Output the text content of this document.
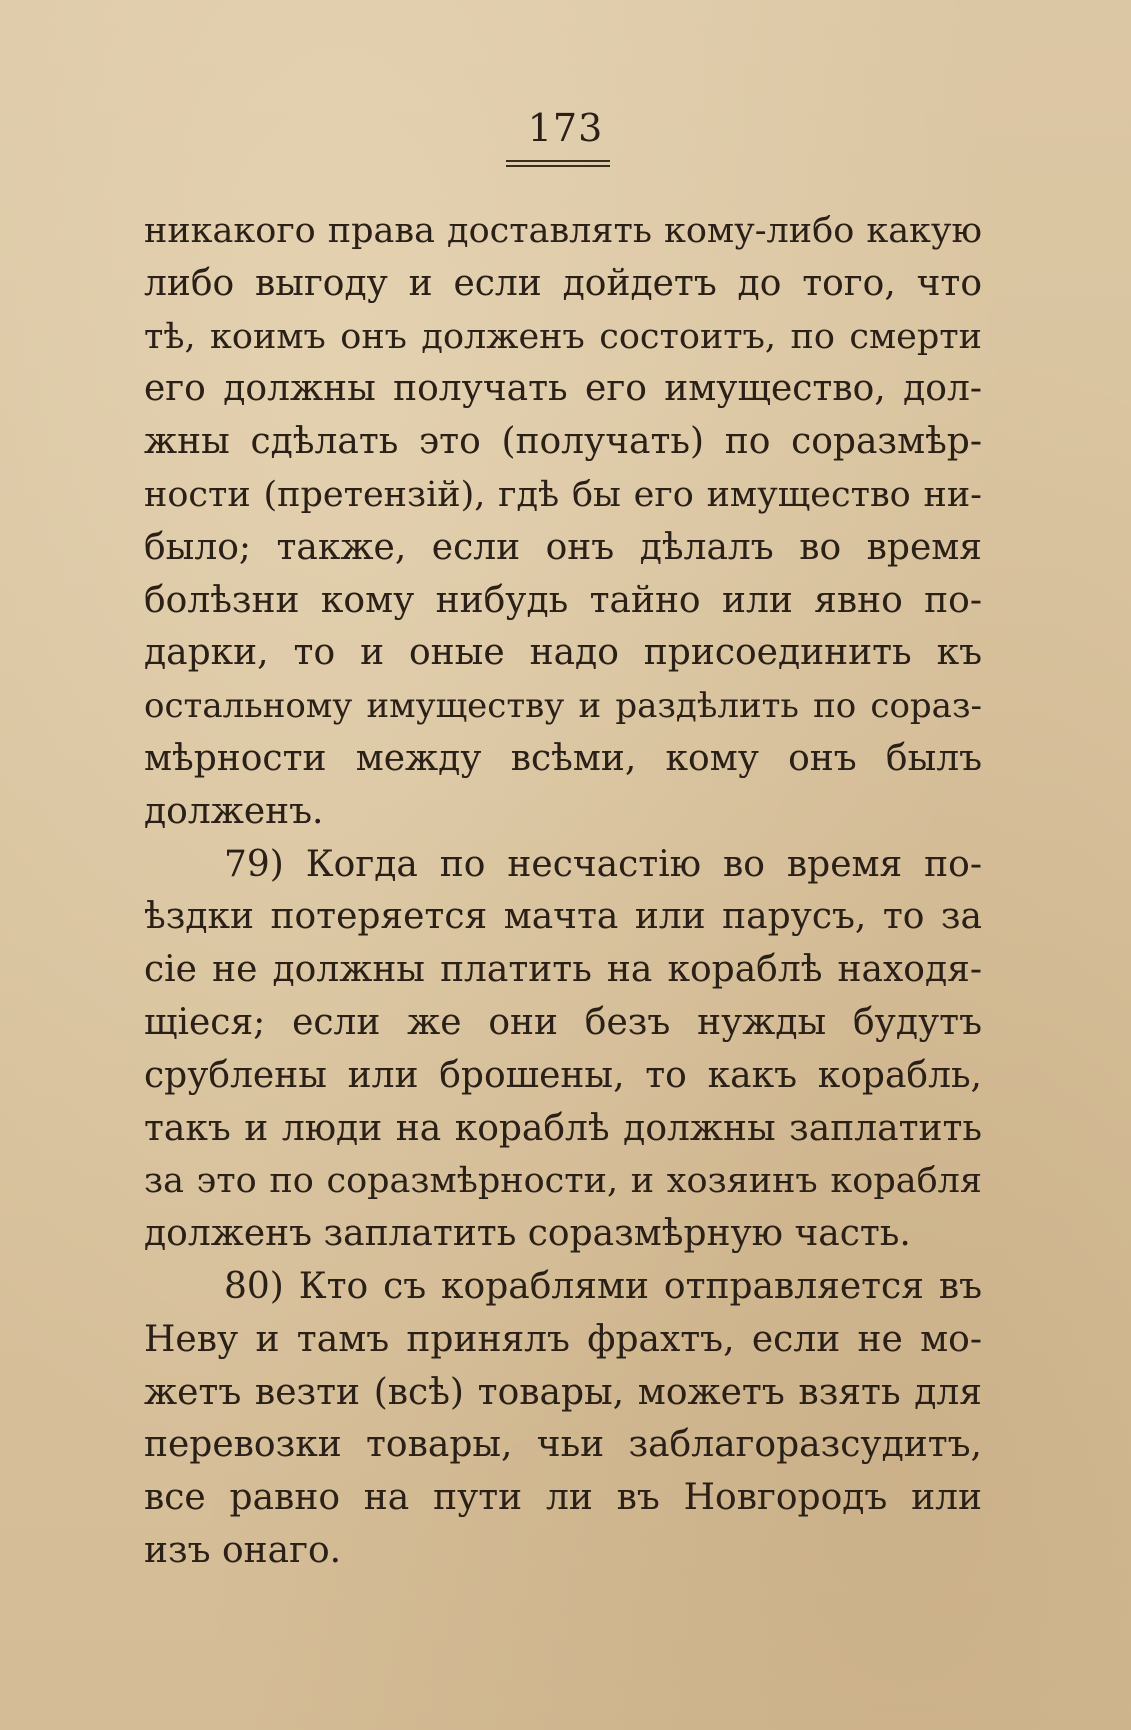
173
никакого права доставлять кому-либо какую
либо выгоду и если дойдетъ до того, что
тѣ, коимъ онъ долженъ состоитъ, по смерти
его должны получать его имущество, дол-
жны сдѣлать это (получать) по соразмѣр-
ности (претензій), гдѣ бы его имущество ни-
было; также, если онъ дѣлалъ во время
болѣзни кому нибудь тайно или явно по-
дарки, то и оные надо присоединить къ
остальному имуществу и раздѣлить по сораз-
мѣрности между всѣми, кому онъ былъ
долженъ.
79) Когда по несчастію во время по-
ѣздки потеряется мачта или парусъ, то за
сіе не должны платить на кораблѣ находя-
щіеся; если же они безъ нужды будутъ
срублены или брошены, то какъ корабль,
такъ и люди на кораблѣ должны заплатить
за это по соразмѣрности, и хозяинъ корабля
долженъ заплатить соразмѣрную часть.
80) Кто съ кораблями отправляется въ
Неву и тамъ принялъ фрахтъ, если не мо-
жетъ везти (всѣ) товары, можетъ взять для
перевозки товары, чьи заблагоразсудитъ,
все равно на пути ли въ Новгородъ или
изъ онаго.
